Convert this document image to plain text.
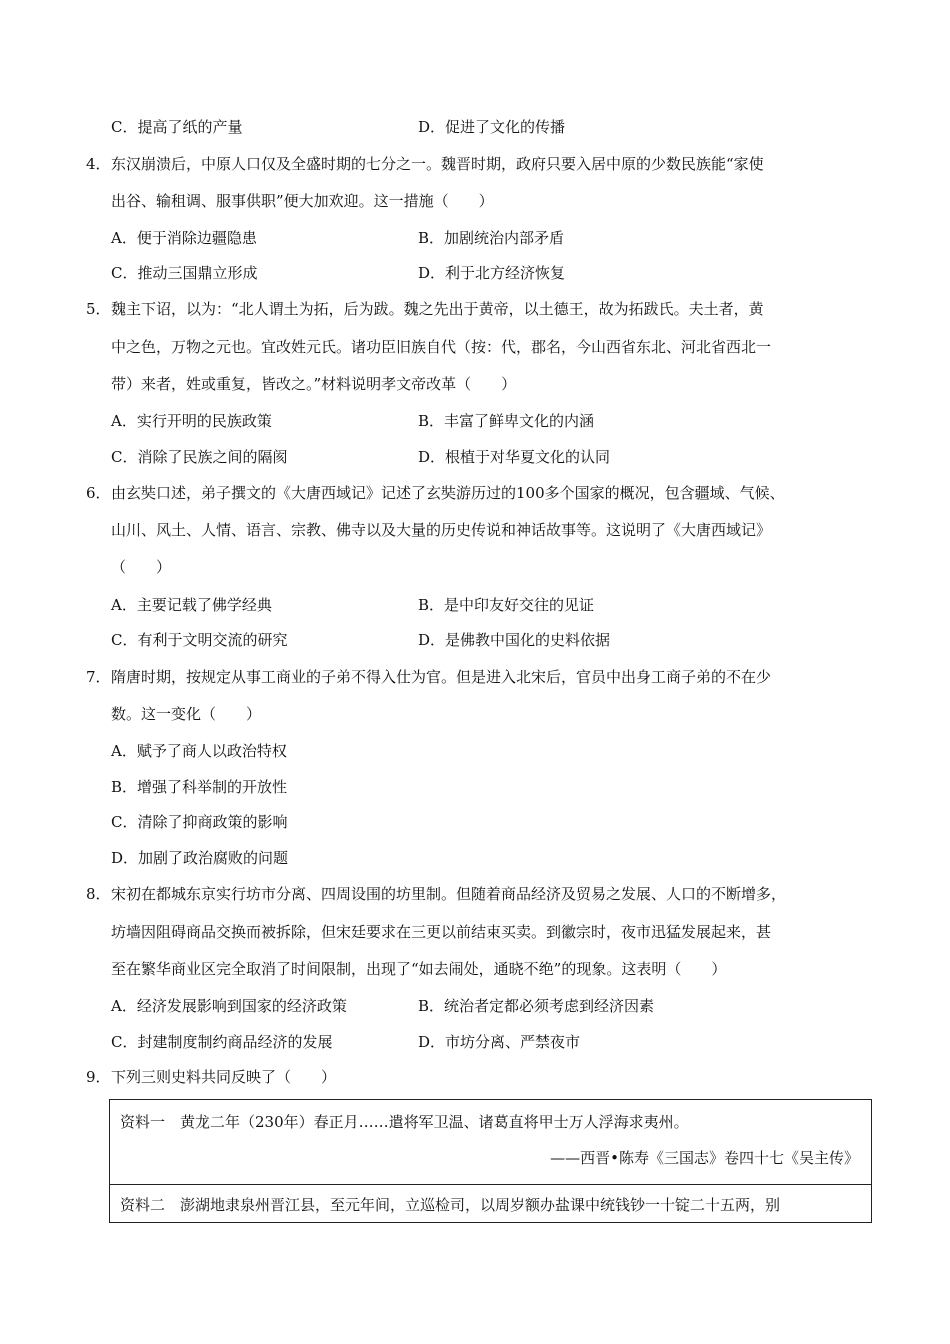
C．提高了纸的产量	D．促进了文化的传播
4． 东汉崩溃后，中原人口仅及全盛时期的七分之一。魏晋时期，政府只要入居中原的少数民族能“家使
出谷、输租调、服事供职”便大加欢迎。这一措施（　　）
A．便于消除边疆隐患	B．加剧统治内部矛盾
C．推动三国鼎立形成	D．利于北方经济恢复
5． 魏主下诏，以为：“北人谓土为拓，后为跋。魏之先出于黄帝，以土德王，故为拓跋氏。夫土者，黄
中之色，万物之元也。宜改姓元氏。诸功臣旧族自代（按：代，郡名，今山西省东北、河北省西北一
带）来者，姓或重复，皆改之。”材料说明孝文帝改革（　　）
A．实行开明的民族政策	B．丰富了鲜卑文化的内涵
C．消除了民族之间的隔阂	D．根植于对华夏文化的认同
6． 由玄奘口述，弟子撰文的《大唐西域记》记述了玄奘游历过的100多个国家的概况，包含疆域、气候、
山川、风土、人情、语言、宗教、佛寺以及大量的历史传说和神话故事等。这说明了《大唐西域记》
（　　）
A．主要记载了佛学经典	B．是中印友好交往的见证
C．有利于文明交流的研究	D．是佛教中国化的史料依据
7． 隋唐时期，按规定从事工商业的子弟不得入仕为官。但是进入北宋后，官员中出身工商子弟的不在少
数。这一变化（　　）
A．赋予了商人以政治特权
B．增强了科举制的开放性
C．清除了抑商政策的影响
D．加剧了政治腐败的问题
8． 宋初在都城东京实行坊市分离、四周设围的坊里制。但随着商品经济及贸易之发展、人口的不断增多，
坊墙因阻碍商品交换而被拆除，但宋廷要求在三更以前结束买卖。到徽宗时，夜市迅猛发展起来，甚
至在繁华商业区完全取消了时间限制，出现了“如去闹处，通晓不绝”的现象。这表明（　　）
A．经济发展影响到国家的经济政策	B．统治者定都必须考虑到经济因素
C．封建制度制约商品经济的发展	D．市坊分离、严禁夜市
9． 下列三则史料共同反映了（　　）
资料一　黄龙二年（230年）春正月……遣将军卫温、诸葛直将甲士万人浮海求夷州。
——西晋•陈寿《三国志》卷四十七《吴主传》
资料二　澎湖地隶泉州晋江县，至元年间，立巡检司，以周岁额办盐课中统钱钞一十锭二十五两，别
